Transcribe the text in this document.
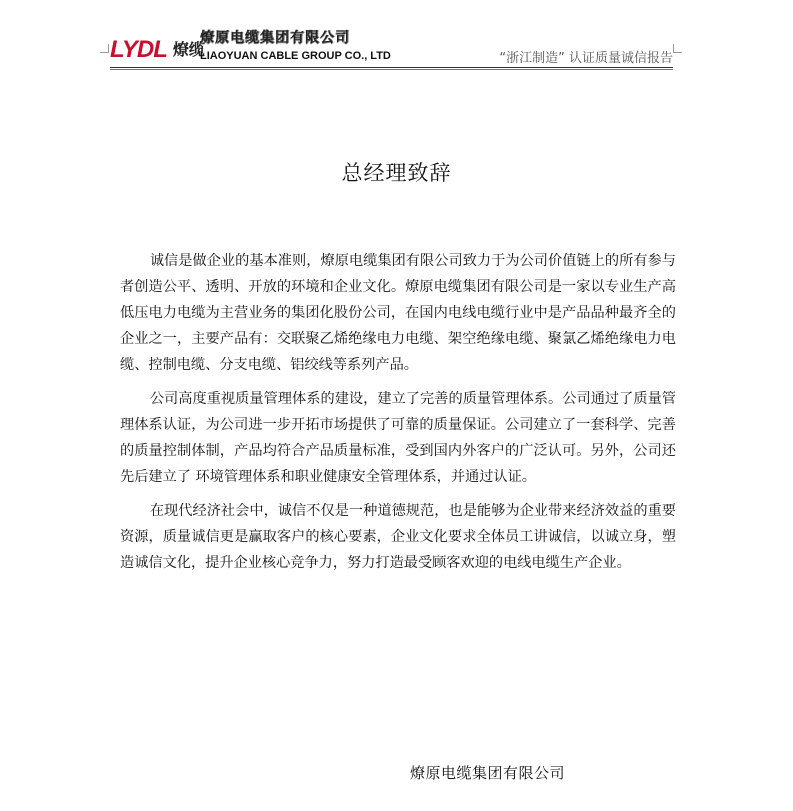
LYDL 燎缆
燎原电缆集团有限公司
LIAOYUAN CABLE GROUP CO., LTD	“浙江制造” 认证质量诚信报告
总经理致辞

诚信是做企业的基本准则，燎原电缆集团有限公司致力于为公司价值链上的所有参与者创造公平、透明、开放的环境和企业文化。燎原电缆集团有限公司是一家以专业生产高低压电力电缆为主营业务的集团化股份公司，在国内电线电缆行业中是产品品种最齐全的企业之一，主要产品有：交联聚乙烯绝缘电力电缆、架空绝缘电缆、聚氯乙烯绝缘电力电缆、控制电缆、分支电缆、铝绞线等系列产品。

公司高度重视质量管理体系的建设，建立了完善的质量管理体系。公司通过了质量管理体系认证，为公司进一步开拓市场提供了可靠的质量保证。公司建立了一套科学、完善的质量控制体制，产品均符合产品质量标准，受到国内外客户的广泛认可。另外，公司还先后建立了 环境管理体系和职业健康安全管理体系，并通过认证。

在现代经济社会中，诚信不仅是一种道德规范，也是能够为企业带来经济效益的重要资源，质量诚信更是赢取客户的核心要素，企业文化要求全体员工讲诚信，以诚立身，塑造诚信文化，提升企业核心竞争力，努力打造最受顾客欢迎的电线电缆生产企业。

燎原电缆集团有限公司
